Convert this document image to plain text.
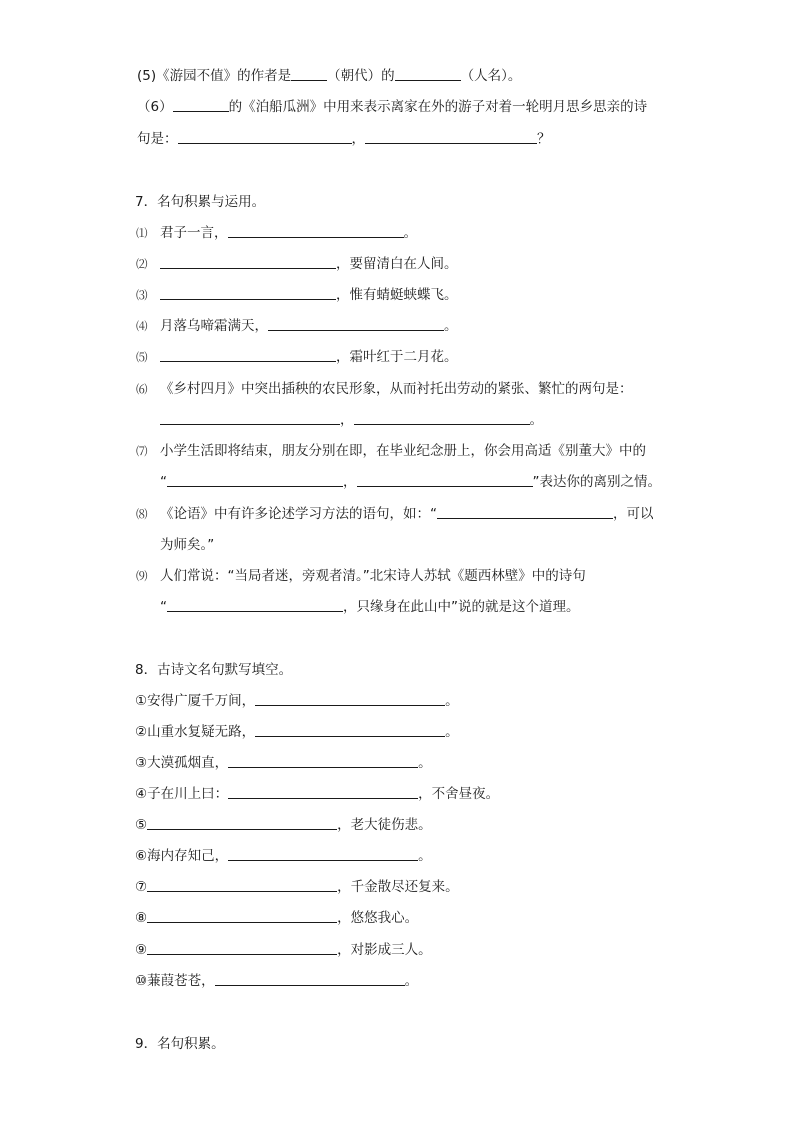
(5)《游园不值》的作者是	（朝代）的	（人名）。
（6）	的《泊船瓜洲》中用来表示离家在外的游子对着一轮明月思乡思亲的诗
句是：	，	？
7．名句积累与运用。
⑴ 君子一言，	。
⑵	，要留清白在人间。
⑶	，惟有蜻蜓蛱蝶飞。
⑷ 月落乌啼霜满天，	。
⑸	，霜叶红于二月花。
⑹ 《乡村四月》中突出插秧的农民形象，从而衬托出劳动的紧张、繁忙的两句是：
，	。
⑺ 小学生活即将结束，朋友分别在即，在毕业纪念册上，你会用高适《别董大》中的
“	，	”表达你的离别之情。
⑻ 《论语》中有许多论述学习方法的语句，如：“	，可以
为师矣。”
⑼ 人们常说：“当局者迷，旁观者清。”北宋诗人苏轼《题西林壁》中的诗句
“	，只缘身在此山中”说的就是这个道理。
8．古诗文名句默写填空。
①安得广厦千万间，	。
②山重水复疑无路，	。
③大漠孤烟直，	。
④子在川上曰：	，不舍昼夜。
⑤	，老大徒伤悲。
⑥海内存知己，	。
⑦	，千金散尽还复来。
⑧	，悠悠我心。
⑨	，对影成三人。
⑩蒹葭苍苍，	。
9．名句积累。
